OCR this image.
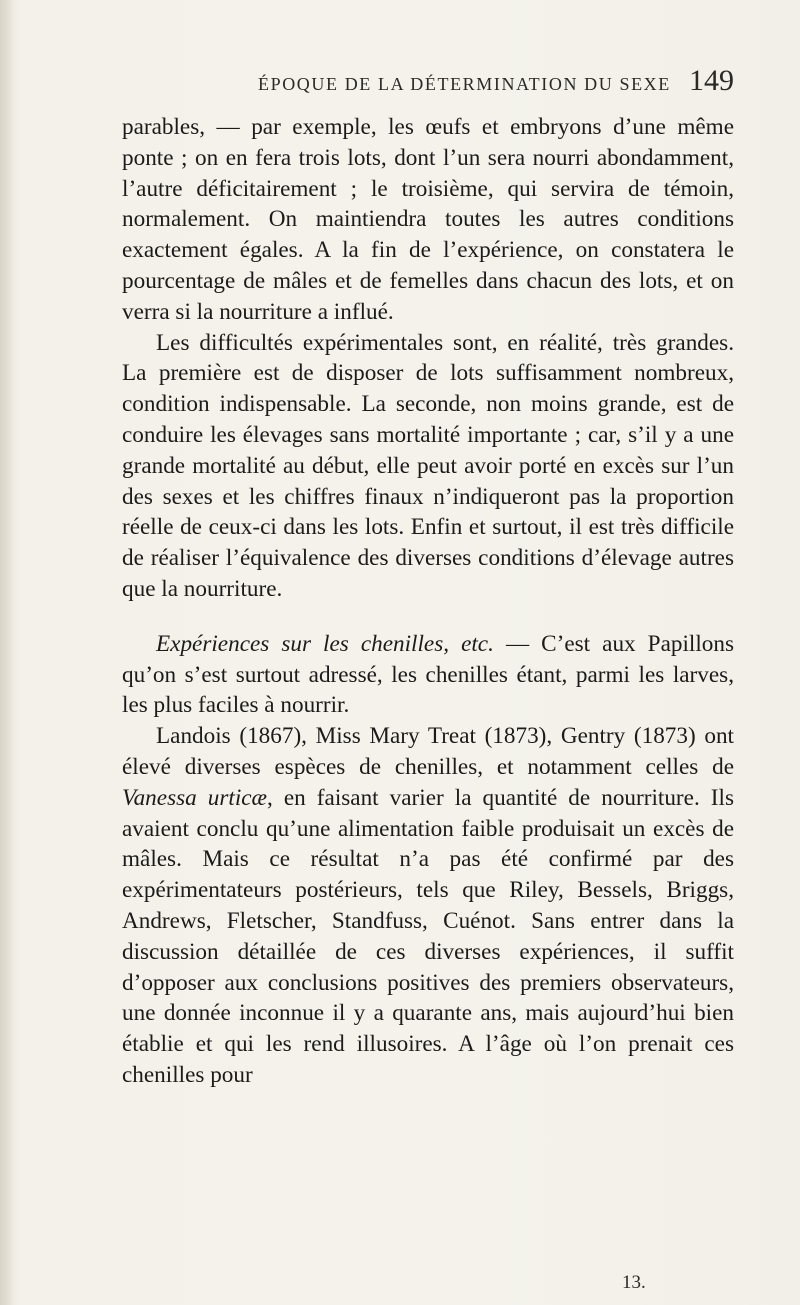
ÉPOQUE DE LA DÉTERMINATION DU SEXE 149

parables, — par exemple, les œufs et embryons d’une même ponte ; on en fera trois lots, dont l’un sera nourri abondamment, l’autre déficitairement ; le troisième, qui servira de témoin, normalement. On maintiendra toutes les autres conditions exactement égales. A la fin de l’expérience, on constatera le pourcentage de mâles et de femelles dans chacun des lots, et on verra si la nourriture a influé.

Les difficultés expérimentales sont, en réalité, très grandes. La première est de disposer de lots suffisamment nombreux, condition indispensable. La seconde, non moins grande, est de conduire les élevages sans mortalité importante ; car, s’il y a une grande mortalité au début, elle peut avoir porté en excès sur l’un des sexes et les chiffres finaux n’indiqueront pas la proportion réelle de ceux-ci dans les lots. Enfin et surtout, il est très difficile de réaliser l’équivalence des diverses conditions d’élevage autres que la nourriture.

Expériences sur les chenilles, etc. — C’est aux Papillons qu’on s’est surtout adressé, les chenilles étant, parmi les larves, les plus faciles à nourrir.

Landois (1867), Miss Mary Treat (1873), Gentry (1873) ont élevé diverses espèces de chenilles, et notamment celles de Vanessa urticæ, en faisant varier la quantité de nourriture. Ils avaient conclu qu’une alimentation faible produisait un excès de mâles. Mais ce résultat n’a pas été confirmé par des expérimentateurs postérieurs, tels que Riley, Bessels, Briggs, Andrews, Fletscher, Standfuss, Cuénot. Sans entrer dans la discussion détaillée de ces diverses expériences, il suffit d’opposer aux conclusions positives des premiers observateurs, une donnée inconnue il y a quarante ans, mais aujourd’hui bien établie et qui les rend illusoires. A l’âge où l’on prenait ces chenilles pour

13.
